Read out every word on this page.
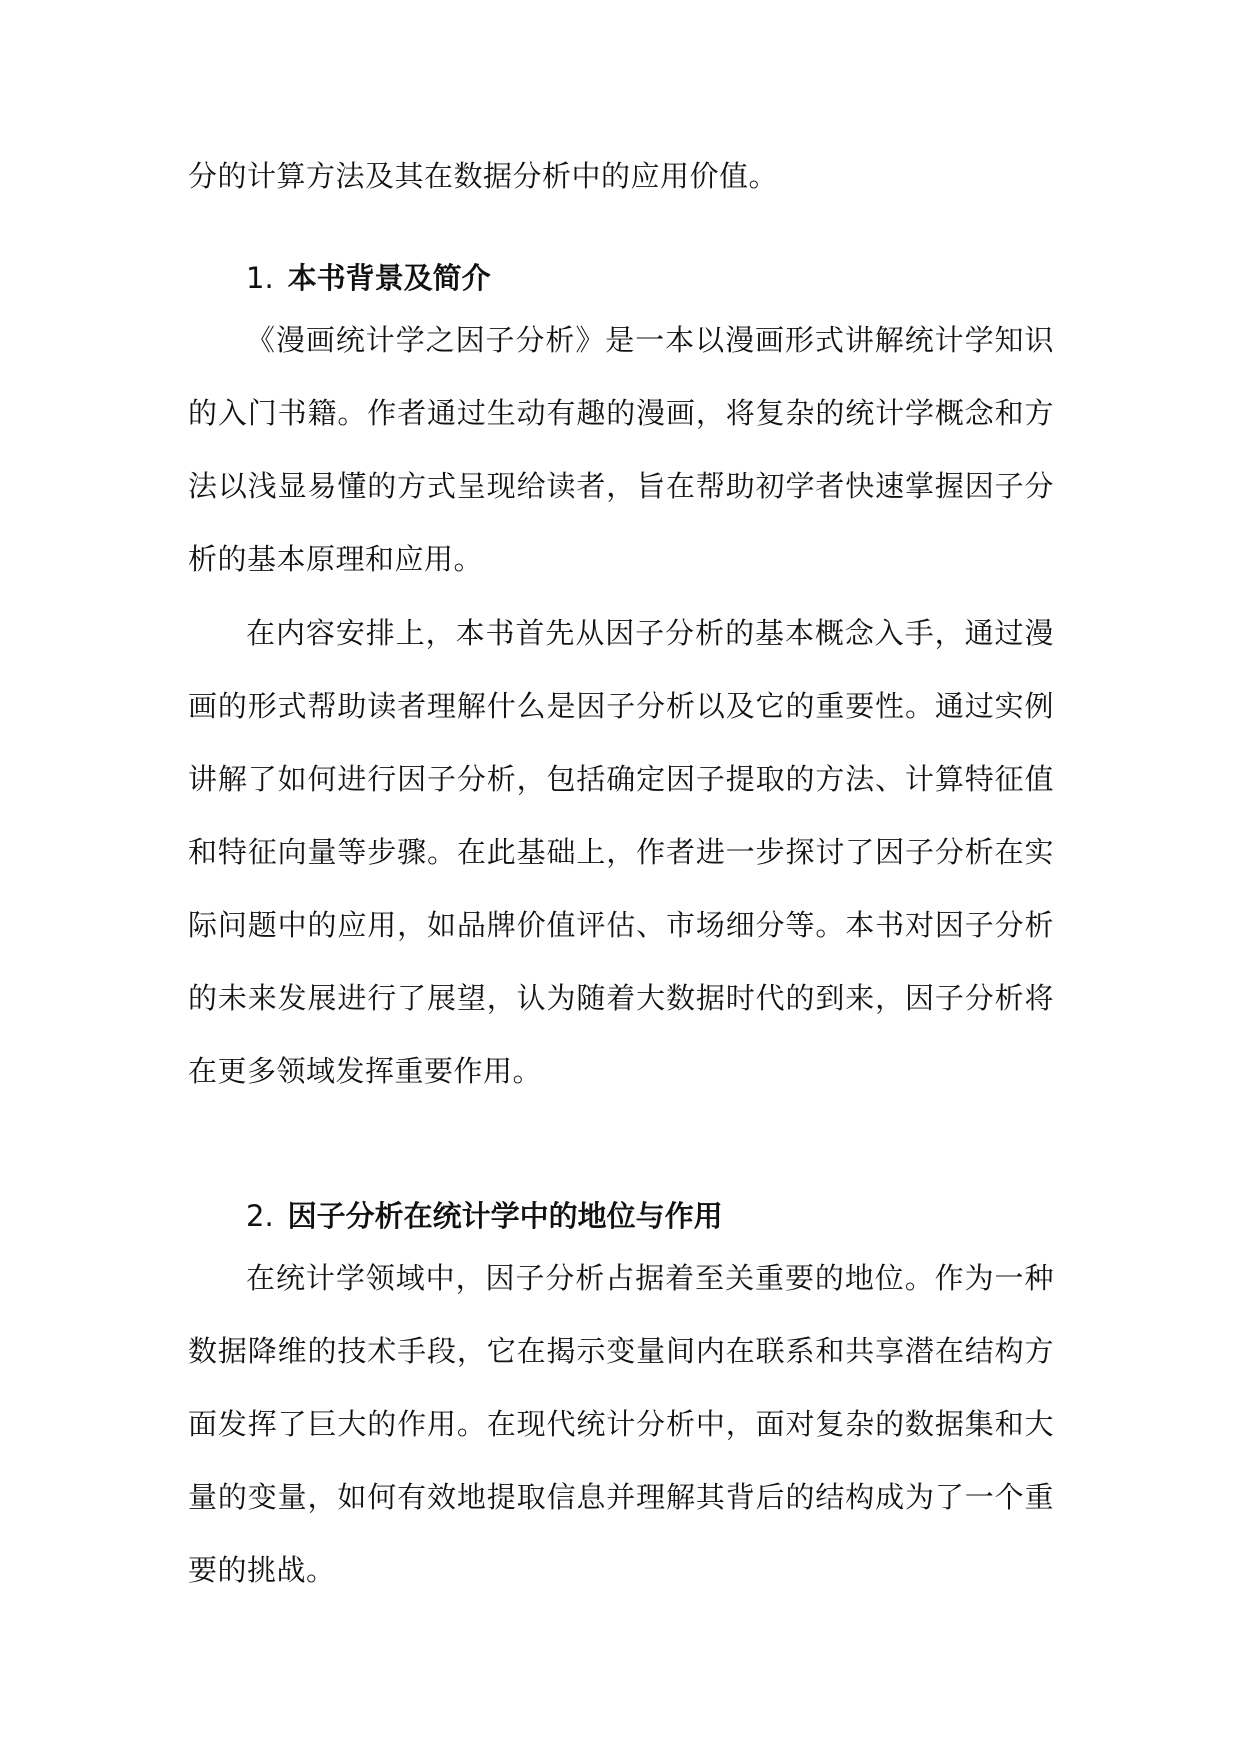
分的计算方法及其在数据分析中的应用价值。
1. 本书背景及简介

《漫画统计学之因子分析》是一本以漫画形式讲解统计学知识的入门书籍。作者通过生动有趣的漫画，将复杂的统计学概念和方法以浅显易懂的方式呈现给读者，旨在帮助初学者快速掌握因子分析的基本原理和应用。

在内容安排上，本书首先从因子分析的基本概念入手，通过漫画的形式帮助读者理解什么是因子分析以及它的重要性。通过实例讲解了如何进行因子分析，包括确定因子提取的方法、计算特征值和特征向量等步骤。在此基础上，作者进一步探讨了因子分析在实际问题中的应用，如品牌价值评估、市场细分等。本书对因子分析的未来发展进行了展望，认为随着大数据时代的到来，因子分析将在更多领域发挥重要作用。

2. 因子分析在统计学中的地位与作用

在统计学领域中，因子分析占据着至关重要的地位。作为一种数据降维的技术手段，它在揭示变量间内在联系和共享潜在结构方面发挥了巨大的作用。在现代统计分析中，面对复杂的数据集和大量的变量，如何有效地提取信息并理解其背后的结构成为了一个重要的挑战。
